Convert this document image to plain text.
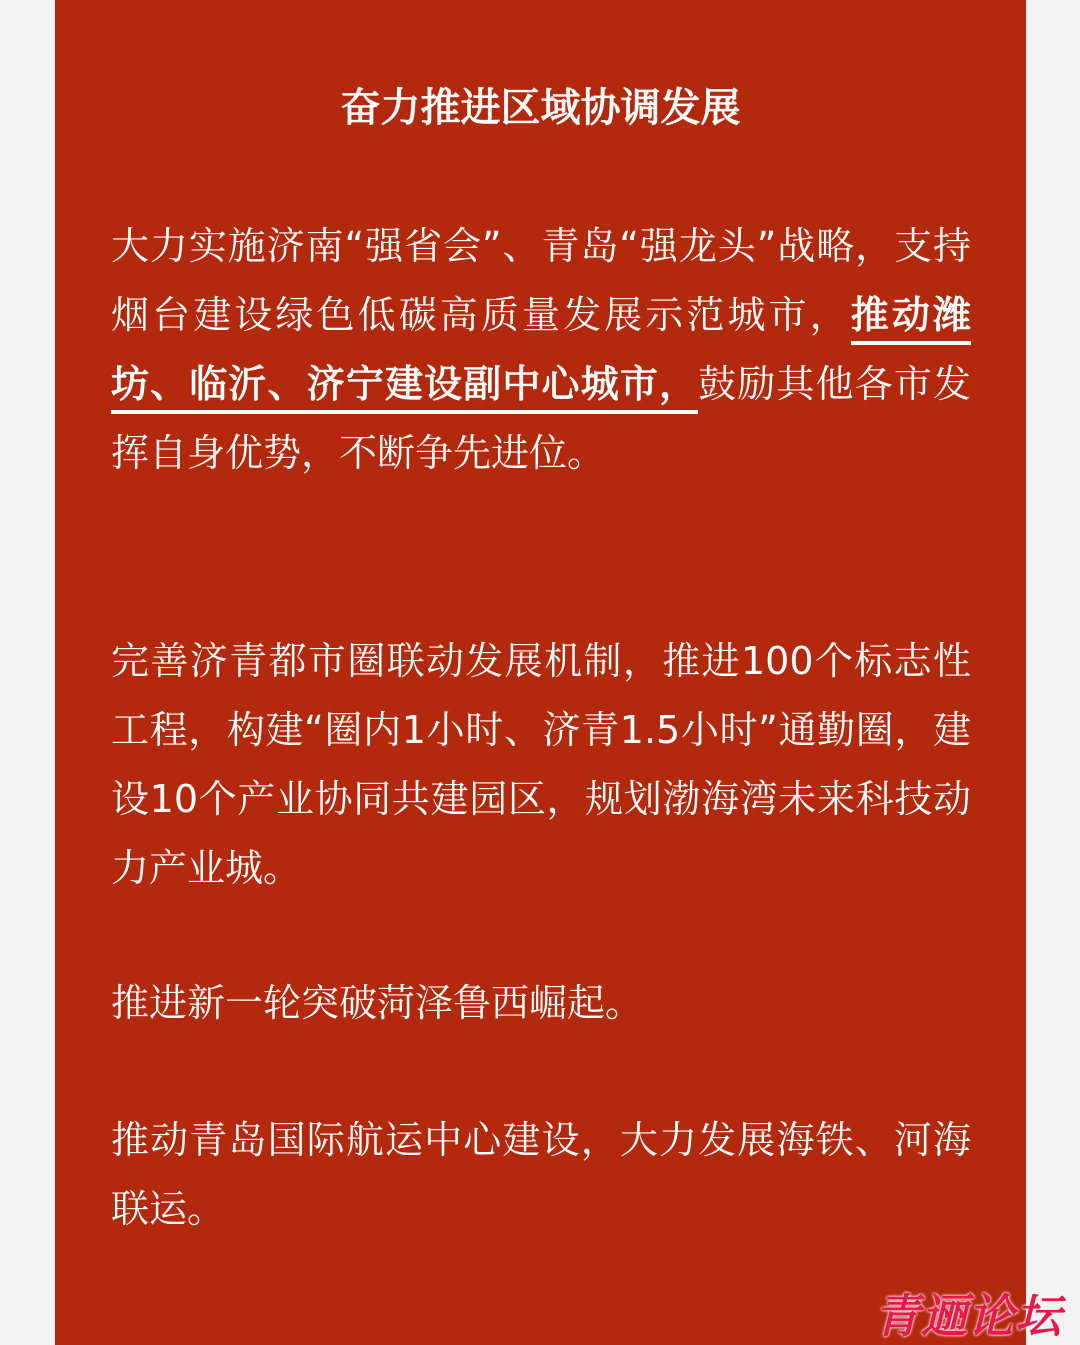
奋力推进区域协调发展

大力实施济南“强省会”、青岛“强龙头”战略，支持烟台建设绿色低碳高质量发展示范城市，推动潍坊、临沂、济宁建设副中心城市，鼓励其他各市发挥自身优势，不断争先进位。

完善济青都市圈联动发展机制，推进100个标志性工程，构建“圈内1小时、济青1.5小时”通勤圈，建设10个产业协同共建园区，规划渤海湾未来科技动力产业城。

推进新一轮突破菏泽鲁西崛起。

推动青岛国际航运中心建设，大力发展海铁、河海联运。

青逦论坛
